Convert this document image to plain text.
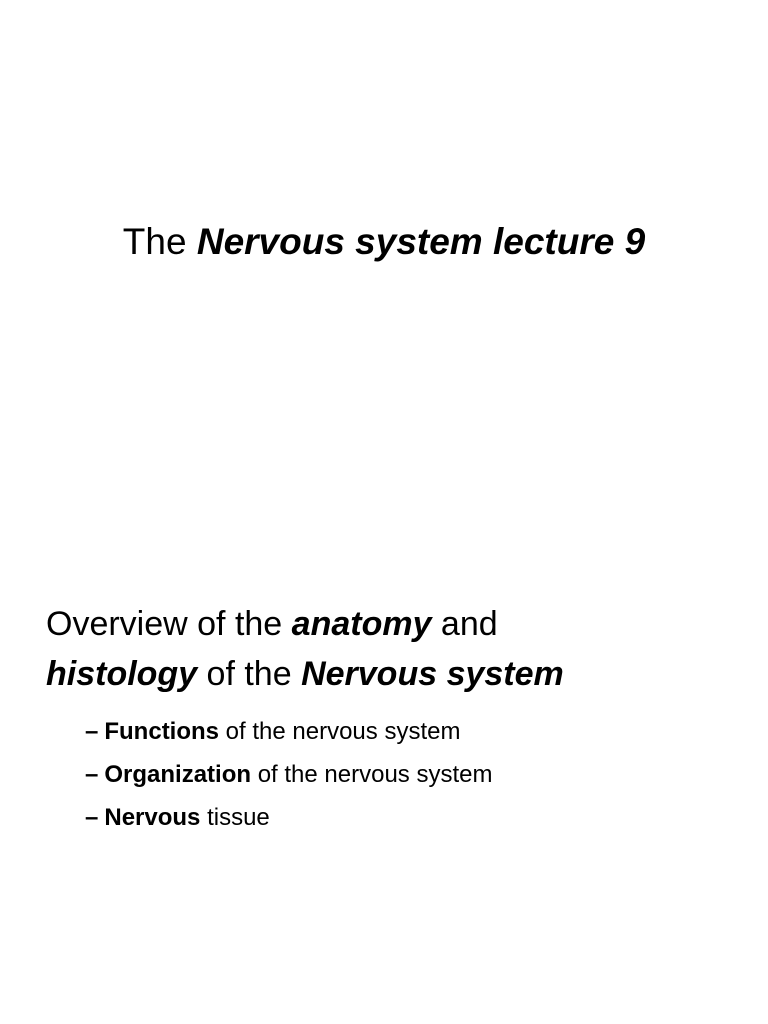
The Nervous system lecture 9
Overview of the anatomy and
histology of the Nervous system
– Functions of the nervous system
– Organization of the nervous system
– Nervous tissue
